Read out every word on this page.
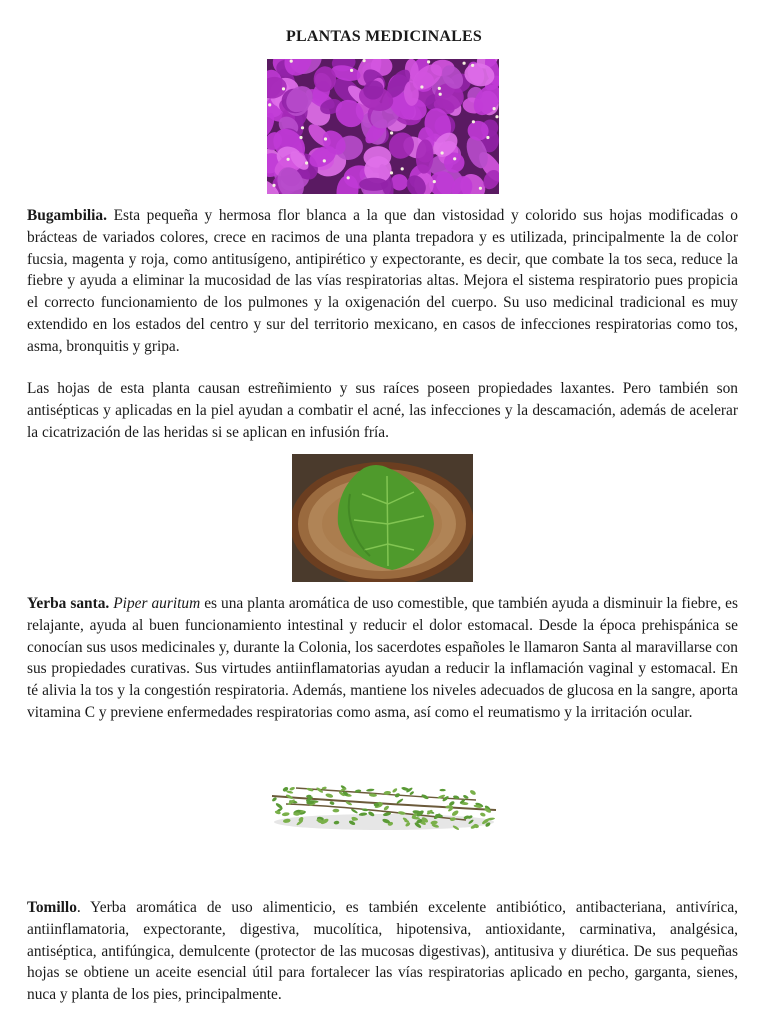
PLANTAS MEDICINALES
Bugambilia. Esta pequeña y hermosa flor blanca a la que dan vistosidad y colorido sus hojas modificadas o brácteas de variados colores, crece en racimos de una planta trepadora y es utilizada, principalmente la de color fucsia, magenta y roja, como antitusígeno, antipirético y expectorante, es decir, que combate la tos seca, reduce la fiebre y ayuda a eliminar la mucosidad de las vías respiratorias altas. Mejora el sistema respiratorio pues propicia el correcto funcionamiento de los pulmones y la oxigenación del cuerpo. Su uso medicinal tradicional es muy extendido en los estados del centro y sur del territorio mexicano, en casos de infecciones respiratorias como tos, asma, bronquitis y gripa.
Las hojas de esta planta causan estreñimiento y sus raíces poseen propiedades laxantes. Pero también son antisépticas y aplicadas en la piel ayudan a combatir el acné, las infecciones y la descamación, además de acelerar la cicatrización de las heridas si se aplican en infusión fría.
Yerba santa. Piper auritum es una planta aromática de uso comestible, que también ayuda a disminuir la fiebre, es relajante, ayuda al buen funcionamiento intestinal y reducir el dolor estomacal. Desde la época prehispánica se conocían sus usos medicinales y, durante la Colonia, los sacerdotes españoles le llamaron Santa al maravillarse con sus propiedades curativas. Sus virtudes antiinflamatorias ayudan a reducir la inflamación vaginal y estomacal. En té alivia la tos y la congestión respiratoria. Además, mantiene los niveles adecuados de glucosa en la sangre, aporta vitamina C y previene enfermedades respiratorias como asma, así como el reumatismo y la irritación ocular.
Tomillo. Yerba aromática de uso alimenticio, es también excelente antibiótico, antibacteriana, antivírica, antiinflamatoria, expectorante, digestiva, mucolítica, hipotensiva, antioxidante, carminativa, analgésica, antiséptica, antifúngica, demulcente (protector de las mucosas digestivas), antitusiva y diurética. De sus pequeñas hojas se obtiene un aceite esencial útil para fortalecer las vías respiratorias aplicado en pecho, garganta, sienes, nuca y planta de los pies, principalmente.
